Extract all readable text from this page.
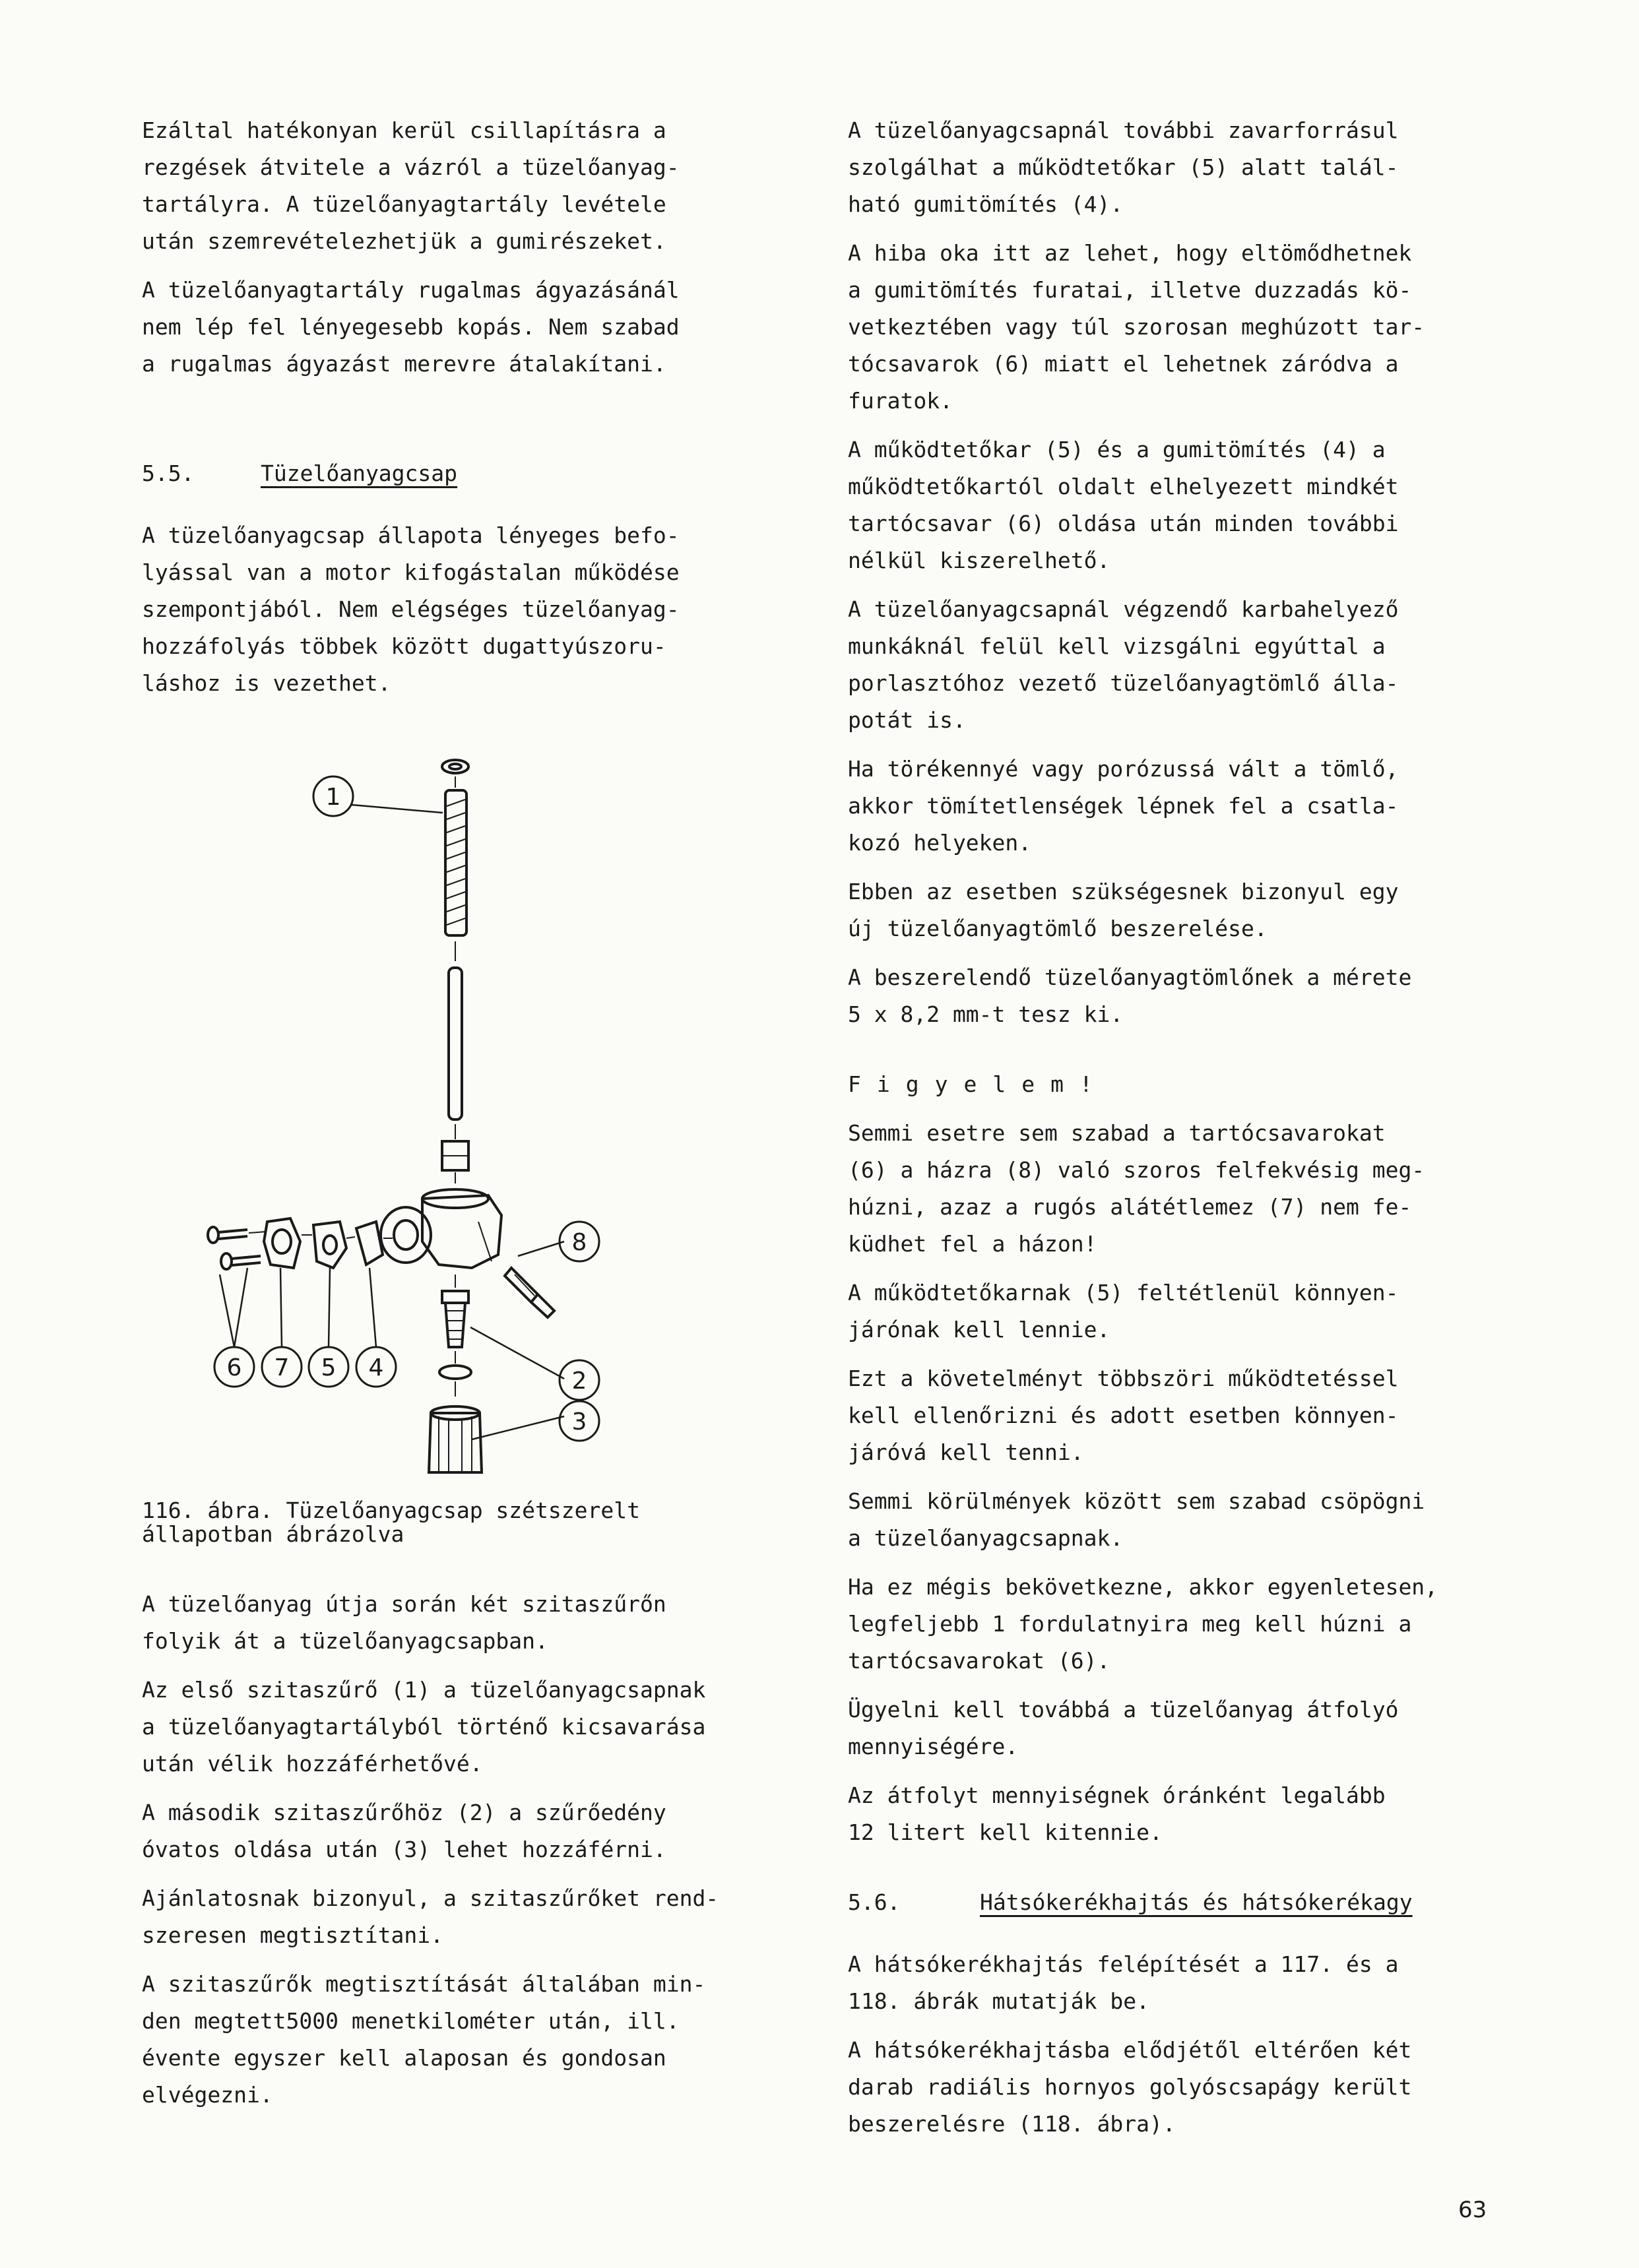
Ezáltal hatékonyan kerül csillapításra a
rezgések átvitele a vázról a tüzelőanyag-
tartályra. A tüzelőanyagtartály levétele
után szemrevételezhetjük a gumirészeket.

A tüzelőanyagtartály rugalmas ágyazásánál
nem lép fel lényegesebb kopás. Nem szabad
a rugalmas ágyazást merevre átalakítani.

5.5.	Tüzelőanyagcsap

A tüzelőanyagcsap állapota lényeges befo-
lyással van a motor kifogástalan működése
szempontjából. Nem elégséges tüzelőanyag-
hozzáfolyás többek között dugattyúszoru-
láshoz is vezethet.

1
8
2
3
6 7 5 4

116. ábra. Tüzelőanyagcsap szétszerelt
állapotban ábrázolva

A tüzelőanyag útja során két szitaszűrőn
folyik át a tüzelőanyagcsapban.

Az első szitaszűrő (1) a tüzelőanyagcsapnak
a tüzelőanyagtartályból történő kicsavarása
után vélik hozzáférhetővé.

A második szitaszűrőhöz (2) a szűrőedény
óvatos oldása után (3) lehet hozzáférni.

Ajánlatosnak bizonyul, a szitaszűrőket rend-
szeresen megtisztítani.

A szitaszűrők megtisztítását általában min-
den megtett5000 menetkilométer után, ill.
évente egyszer kell alaposan és gondosan
elvégezni.

A tüzelőanyagcsapnál további zavarforrásul
szolgálhat a működtetőkar (5) alatt talál-
ható gumitömítés (4).

A hiba oka itt az lehet, hogy eltömődhetnek
a gumitömítés furatai, illetve duzzadás kö-
vetkeztében vagy túl szorosan meghúzott tar-
tócsavarok (6) miatt el lehetnek záródva a
furatok.

A működtetőkar (5) és a gumitömítés (4) a
működtetőkartól oldalt elhelyezett mindkét
tartócsavar (6) oldása után minden további
nélkül kiszerelhető.

A tüzelőanyagcsapnál végzendő karbahelyező
munkáknál felül kell vizsgálni egyúttal a
porlasztóhoz vezető tüzelőanyagtömlő álla-
potát is.

Ha törékennyé vagy porózussá vált a tömlő,
akkor tömítetlenségek lépnek fel a csatla-
kozó helyeken.

Ebben az esetben szükségesnek bizonyul egy
új tüzelőanyagtömlő beszerelése.

A beszerelendő tüzelőanyagtömlőnek a mérete
5 x 8,2 mm-t tesz ki.

Figyelem!

Semmi esetre sem szabad a tartócsavarokat
(6) a házra (8) való szoros felfekvésig meg-
húzni, azaz a rugós alátétlemez (7) nem fe-
küdhet fel a házon!

A működtetőkarnak (5) feltétlenül könnyen-
járónak kell lennie.

Ezt a követelményt többszöri működtetéssel
kell ellenőrizni és adott esetben könnyen-
járóvá kell tenni.

Semmi körülmények között sem szabad csöpögni
a tüzelőanyagcsapnak.

Ha ez mégis bekövetkezne, akkor egyenletesen,
legfeljebb 1 fordulatnyira meg kell húzni a
tartócsavarokat (6).

Ügyelni kell továbbá a tüzelőanyag átfolyó
mennyiségére.

Az átfolyt mennyiségnek óránként legalább
12 litert kell kitennie.

5.6.	Hátsókerékhajtás és hátsókerékagy

A hátsókerékhajtás felépítését a 117. és a
118. ábrák mutatják be.

A hátsókerékhajtásba elődjétől eltérően két
darab radiális hornyos golyóscsapágy került
beszerelésre (118. ábra).

63
